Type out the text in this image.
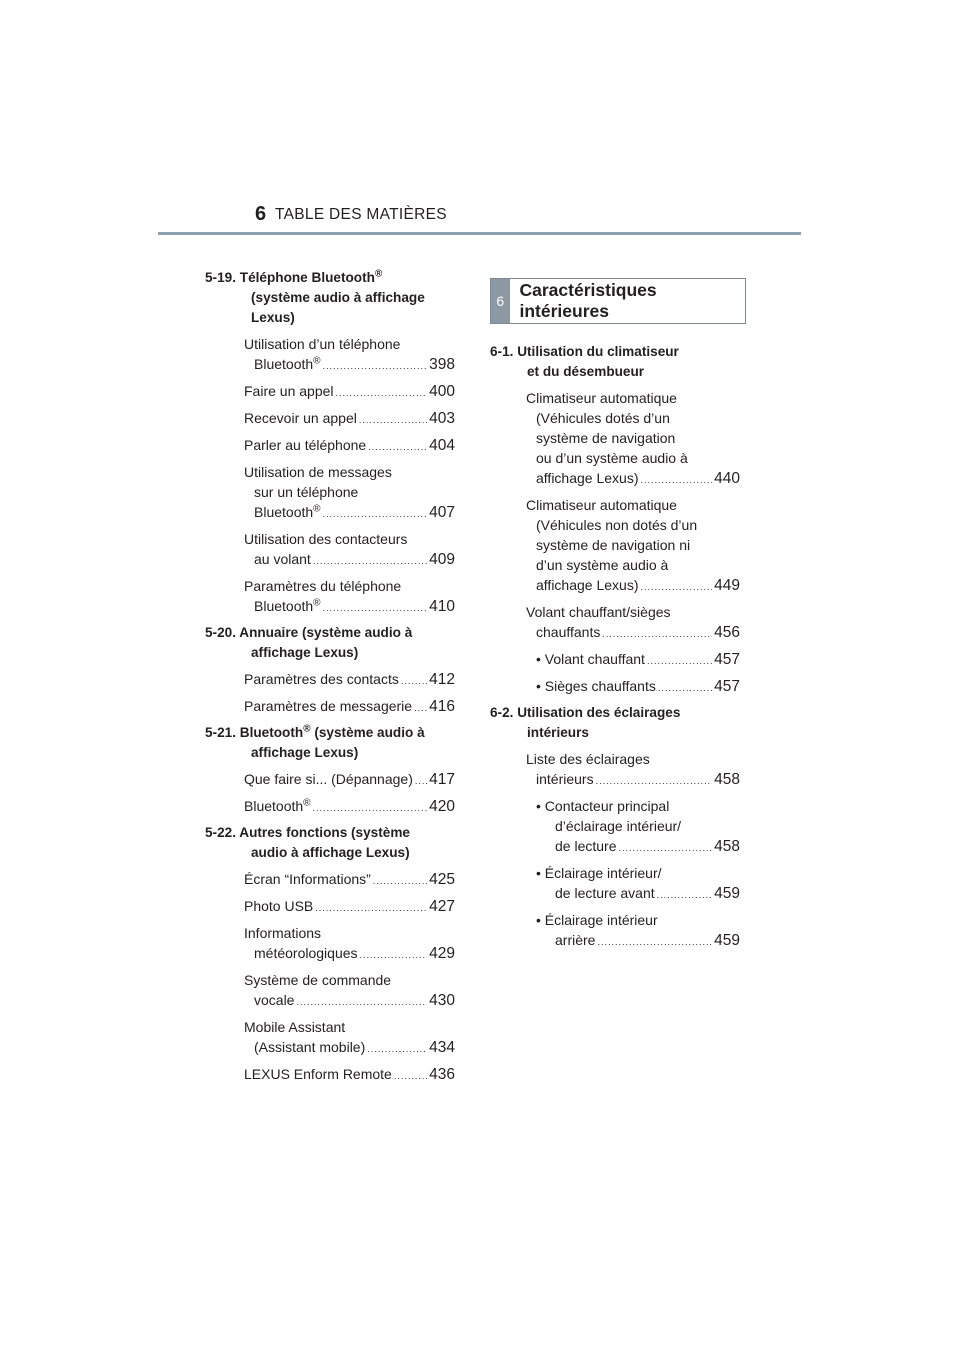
6 TABLE DES MATIÈRES
5-19. Téléphone Bluetooth®
(système audio à affichage
Lexus)
Utilisation d’un téléphone
Bluetooth® .....	398
Faire un appel .....	400
Recevoir un appel .....	403
Parler au téléphone .....	404
Utilisation de messages
sur un téléphone
Bluetooth® .....	407
Utilisation des contacteurs
au volant .....	409
Paramètres du téléphone
Bluetooth® .....	410
5-20. Annuaire (système audio à
affichage Lexus)
Paramètres des contacts ..... 412
Paramètres de messagerie ..... 416
5-21. Bluetooth® (système audio à
affichage Lexus)
Que faire si... (Dépannage) ..... 417
Bluetooth® .....	420
5-22. Autres fonctions (système
audio à affichage Lexus)
Écran “Informations” .....	425
Photo USB .....	427
Informations
météorologiques .....	429
Système de commande
vocale .....	430
Mobile Assistant
(Assistant mobile) .....	434
LEXUS Enform Remote ..... 436
6
Caractéristiques intérieures
6-1. Utilisation du climatiseur

et du désembueur
Climatiseur automatique
(Véhicules dotés d’un
système de navigation
ou d’un système audio à
affichage Lexus) .....	440
Climatiseur automatique
(Véhicules non dotés d’un
système de navigation ni
d’un système audio à
affichage Lexus) .....	449
Volant chauffant/sièges
chauffants .....	456
• Volant chauffant .....	457
• Sièges chauffants .....	457
6-2. Utilisation des éclairages

intérieurs
Liste des éclairages
intérieurs .....	458
• Contacteur principal
d’éclairage intérieur/
de lecture .....	458
• Éclairage intérieur/
de lecture avant .....	459
• Éclairage intérieur
arrière .....	459
